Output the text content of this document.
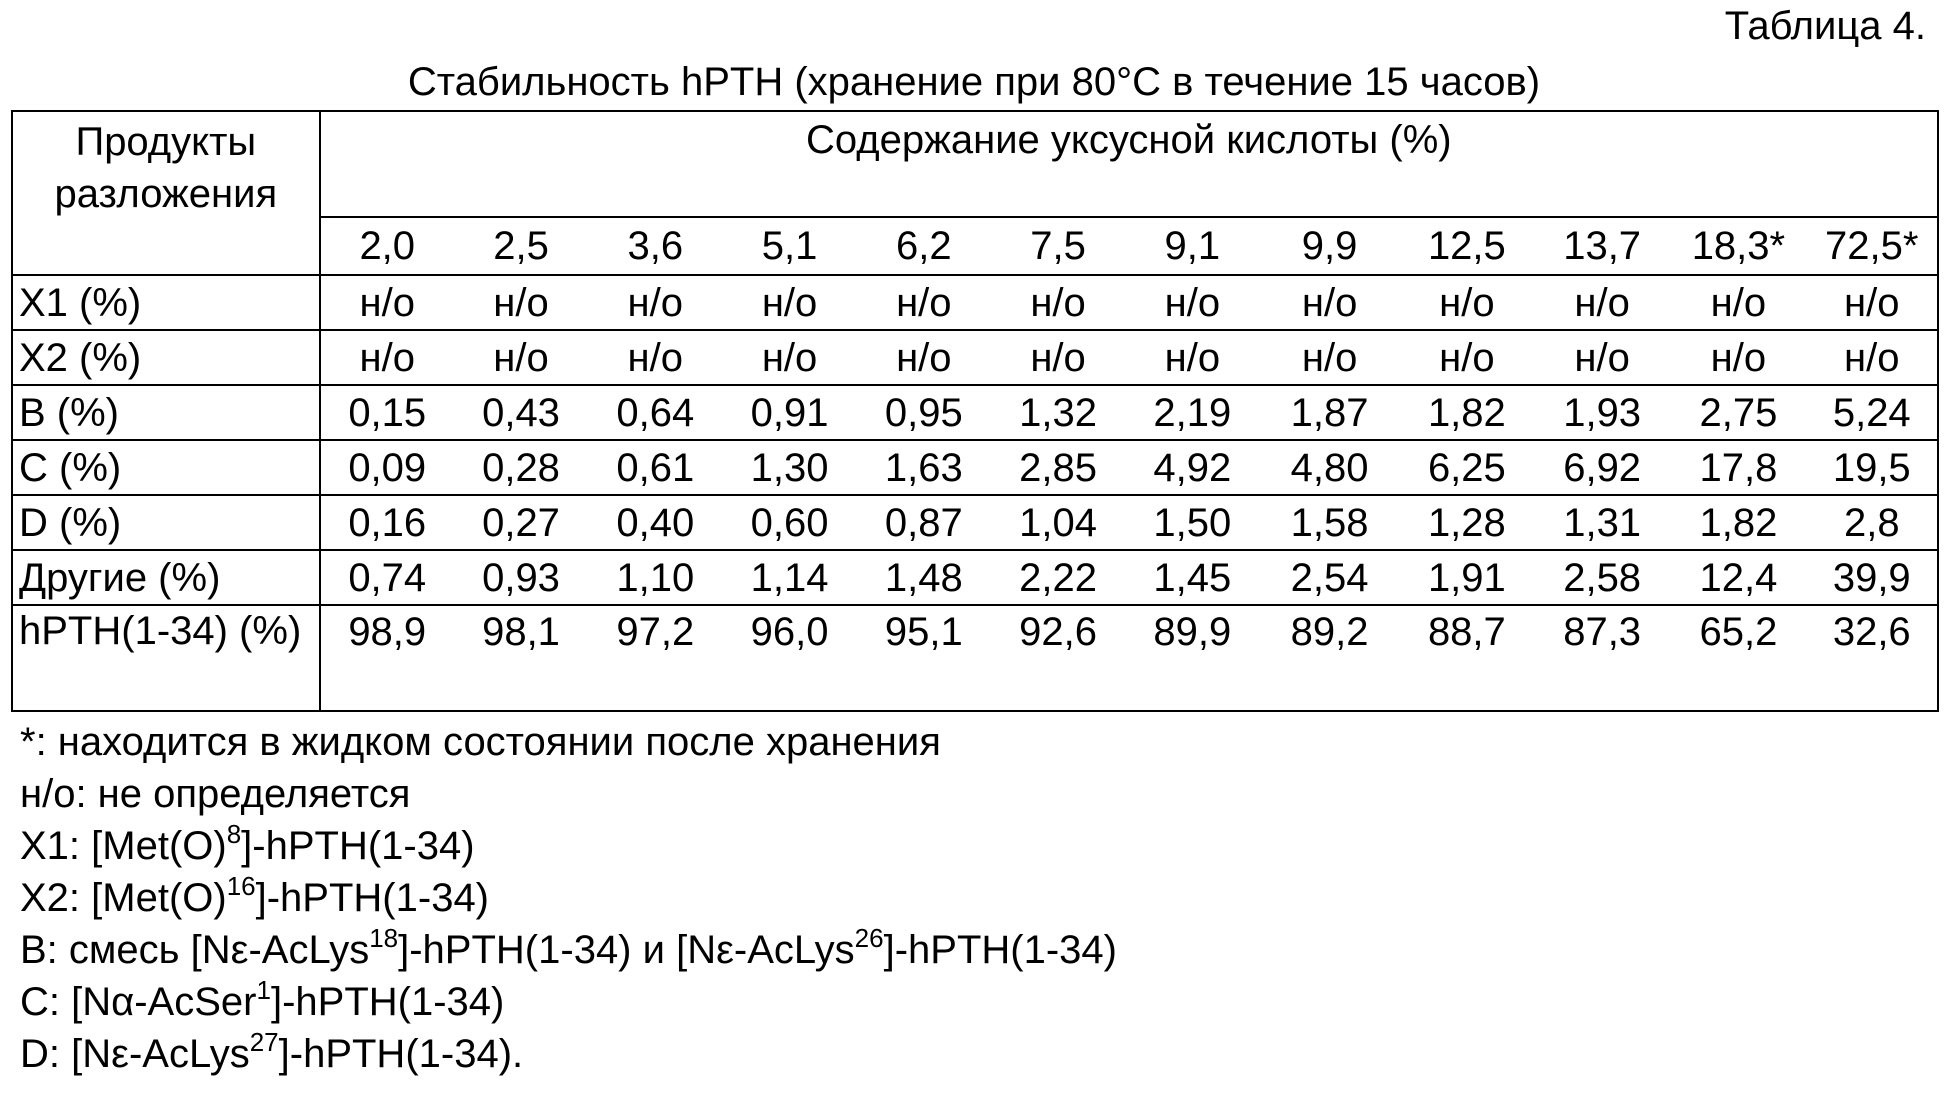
Таблица 4.
Стабильность hPTH (хранение при 80°C в течение 15 часов)
Продукты разложения	Содержание уксусной кислоты (%)											
	2,0	2,5	3,6	5,1	6,2	7,5	9,1	9,9	12,5	13,7	18,3*	72,5*
X1 (%)	н/о	н/о	н/о	н/о	н/о	н/о	н/о	н/о	н/о	н/о	н/о	н/о
X2 (%)	н/о	н/о	н/о	н/о	н/о	н/о	н/о	н/о	н/о	н/о	н/о	н/о
B (%)	0,15	0,43	0,64	0,91	0,95	1,32	2,19	1,87	1,82	1,93	2,75	5,24
C (%)	0,09	0,28	0,61	1,30	1,63	2,85	4,92	4,80	6,25	6,92	17,8	19,5
D (%)	0,16	0,27	0,40	0,60	0,87	1,04	1,50	1,58	1,28	1,31	1,82	2,8
Другие (%)	0,74	0,93	1,10	1,14	1,48	2,22	1,45	2,54	1,91	2,58	12,4	39,9
hPTH(1-34) (%)	98,9	98,1	97,2	96,0	95,1	92,6	89,9	89,2	88,7	87,3	65,2	32,6
*: находится в жидком состоянии после хранения
н/о: не определяется
X1: $[Met(O)^8]-hPTH(1-34)$
X2: $[Met(O)^{16}]-hPTH(1-34)$
B: смесь [Nε-AcLys$^{18}$]-hPTH(1-34) и [Nε-AcLys$^{26}$]-hPTH(1-34)
C: [Nα-AcSer$^1$]-hPTH(1-34)
D: [Nε-AcLys$^{27}$]-hPTH(1-34).
